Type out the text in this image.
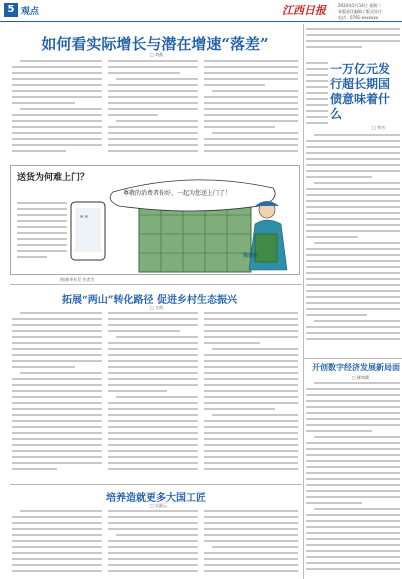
5 观点	江西日报	2024年5月14日 星期二
本版责任编辑 / 版式设计
电话：0791-xxxxxxx
如何看实际增长与潜在增速“落差”
□ 胡燕
送货为何难上门？
✉ ✉
尊敬的消费者你好，一起为您送上门了！
快递柜
图/新华社发 作者名
拓展“两山”转化路径 促进乡村生态振兴
□ 方南
培养造就更多大国工匠
□ 吴淑云
一万亿元发行超长期国债意味着什么
□ 李吉
开创数字经济发展新局面
□ 柳鸿儒
